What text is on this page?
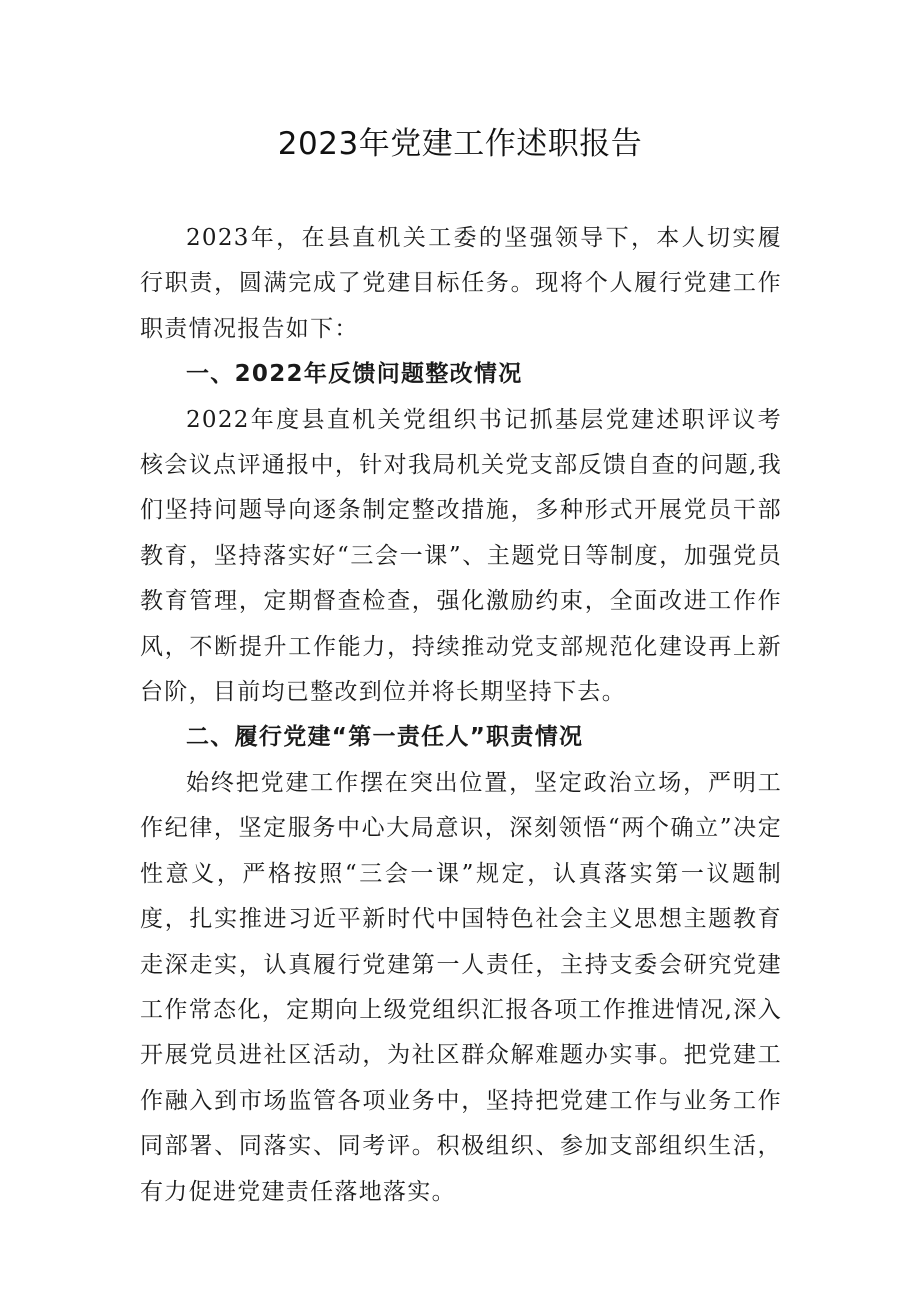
2023年党建工作述职报告

2023年，在县直机关工委的坚强领导下，本人切实履行职责，圆满完成了党建目标任务。现将个人履行党建工作职责情况报告如下：

一、2022年反馈问题整改情况

2022年度县直机关党组织书记抓基层党建述职评议考核会议点评通报中，针对我局机关党支部反馈自查的问题,我们坚持问题导向逐条制定整改措施，多种形式开展党员干部教育，坚持落实好“三会一课”、主题党日等制度，加强党员教育管理，定期督查检查，强化激励约束，全面改进工作作风，不断提升工作能力，持续推动党支部规范化建设再上新台阶，目前均已整改到位并将长期坚持下去。

二、履行党建“第一责任人”职责情况

始终把党建工作摆在突出位置，坚定政治立场，严明工作纪律，坚定服务中心大局意识，深刻领悟“两个确立”决定性意义，严格按照“三会一课”规定，认真落实第一议题制度，扎实推进习近平新时代中国特色社会主义思想主题教育走深走实，认真履行党建第一人责任，主持支委会研究党建工作常态化，定期向上级党组织汇报各项工作推进情况,深入开展党员进社区活动，为社区群众解难题办实事。把党建工作融入到市场监管各项业务中，坚持把党建工作与业务工作同部署、同落实、同考评。积极组织、参加支部组织生活，有力促进党建责任落地落实。
